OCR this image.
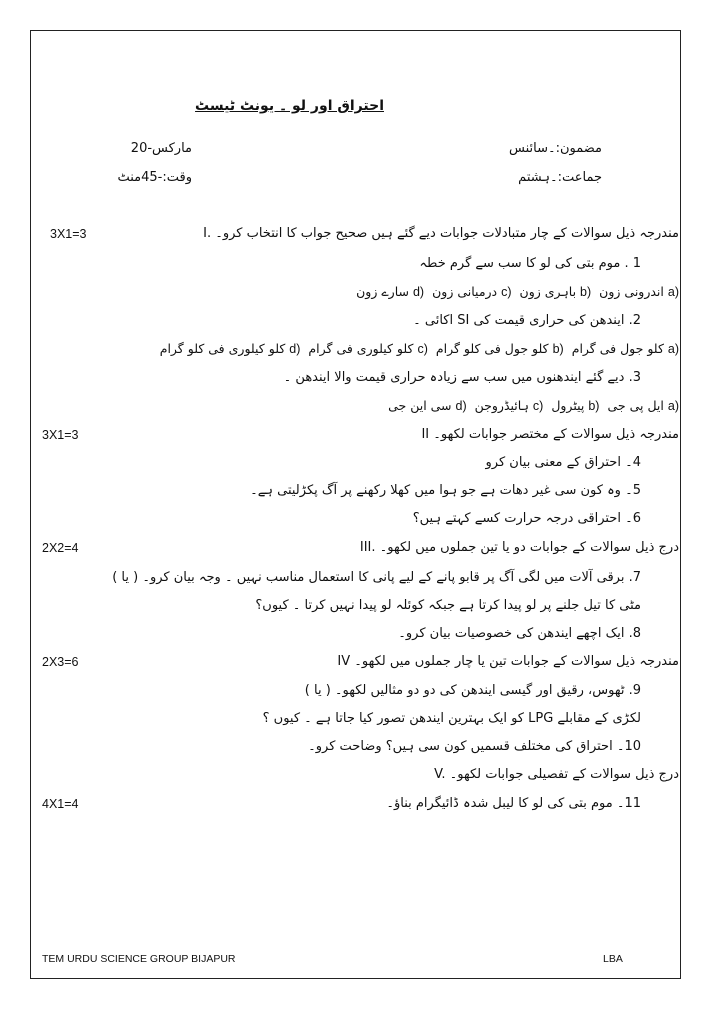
احتراق اور لو ۔ یونٹ ٹیسٹ
مضمون:۔سائنس
جماعت:۔ہشتم
مارکس-20
وقت:-45منٹ
I. مندرجہ ذیل سوالات کے چار متبادلات جوابات دیے گئے ہیں صحیح جواب کا انتخاب کرو۔
3X1=3
1 . موم بتی کی لو کا سب سے گرم خطہ
a) اندرونی زون
b) باہری زون
c) درمیانی زون
d) سارے زون
2. ایندھن کی حراری قیمت کی SI اکائی ۔
a) کلو جول فی گرام
b) کلو جول فی کلو گرام
c) کلو کیلوری فی گرام
d) کلو کیلوری فی کلو گرام
3. دیے گئے ایندھنوں میں سب سے زیادہ حراری قیمت والا ایندھن ۔
a) ایل پی جی
b) پیٹرول
c) ہائیڈروجن
d) سی این جی
II مندرجہ ذیل سوالات کے مختصر جوابات لکھو۔
3X1=3
4۔ احتراق کے معنی بیان کرو
5۔ وہ کون سی غیر دھات ہے جو ہوا میں کھلا رکھنے پر آگ پکڑلیتی ہے۔
6۔ احتراقی درجہ حرارت کسے کہتے ہیں؟
III. درج ذیل سوالات کے جوابات دو یا تین جملوں میں لکھو۔
2X2=4
7. برقی آلات میں لگی آگ پر قابو پانے کے لیے پانی کا استعمال مناسب نہیں ۔ وجہ بیان کرو۔ ( یا )
مٹی کا تیل جلنے پر لو پیدا کرتا ہے جبکہ کوئلہ لو پیدا نہیں کرتا ۔ کیوں؟
8. ایک اچھے ایندھن کی خصوصیات بیان کرو۔
IV مندرجہ ذیل سوالات کے جوابات تین یا چار جملوں میں لکھو۔
2X3=6
9. ٹھوس، رقیق اور گیسی ایندھن کی دو دو مثالیں لکھو۔ ( یا )
لکڑی کے مقابلے LPG کو ایک بہترین ایندھن تصور کیا جاتا ہے ۔ کیوں ؟
10۔ احتراق کی مختلف قسمیں کون سی ہیں؟ وضاحت کرو۔
V. درج ذیل سوالات کے تفصیلی جوابات لکھو۔
4X1=4	11۔ موم بتی کی لو کا لیبل شدہ ڈائیگرام بناؤ۔
TEM URDU SCIENCE GROUP BIJAPUR	LBA
